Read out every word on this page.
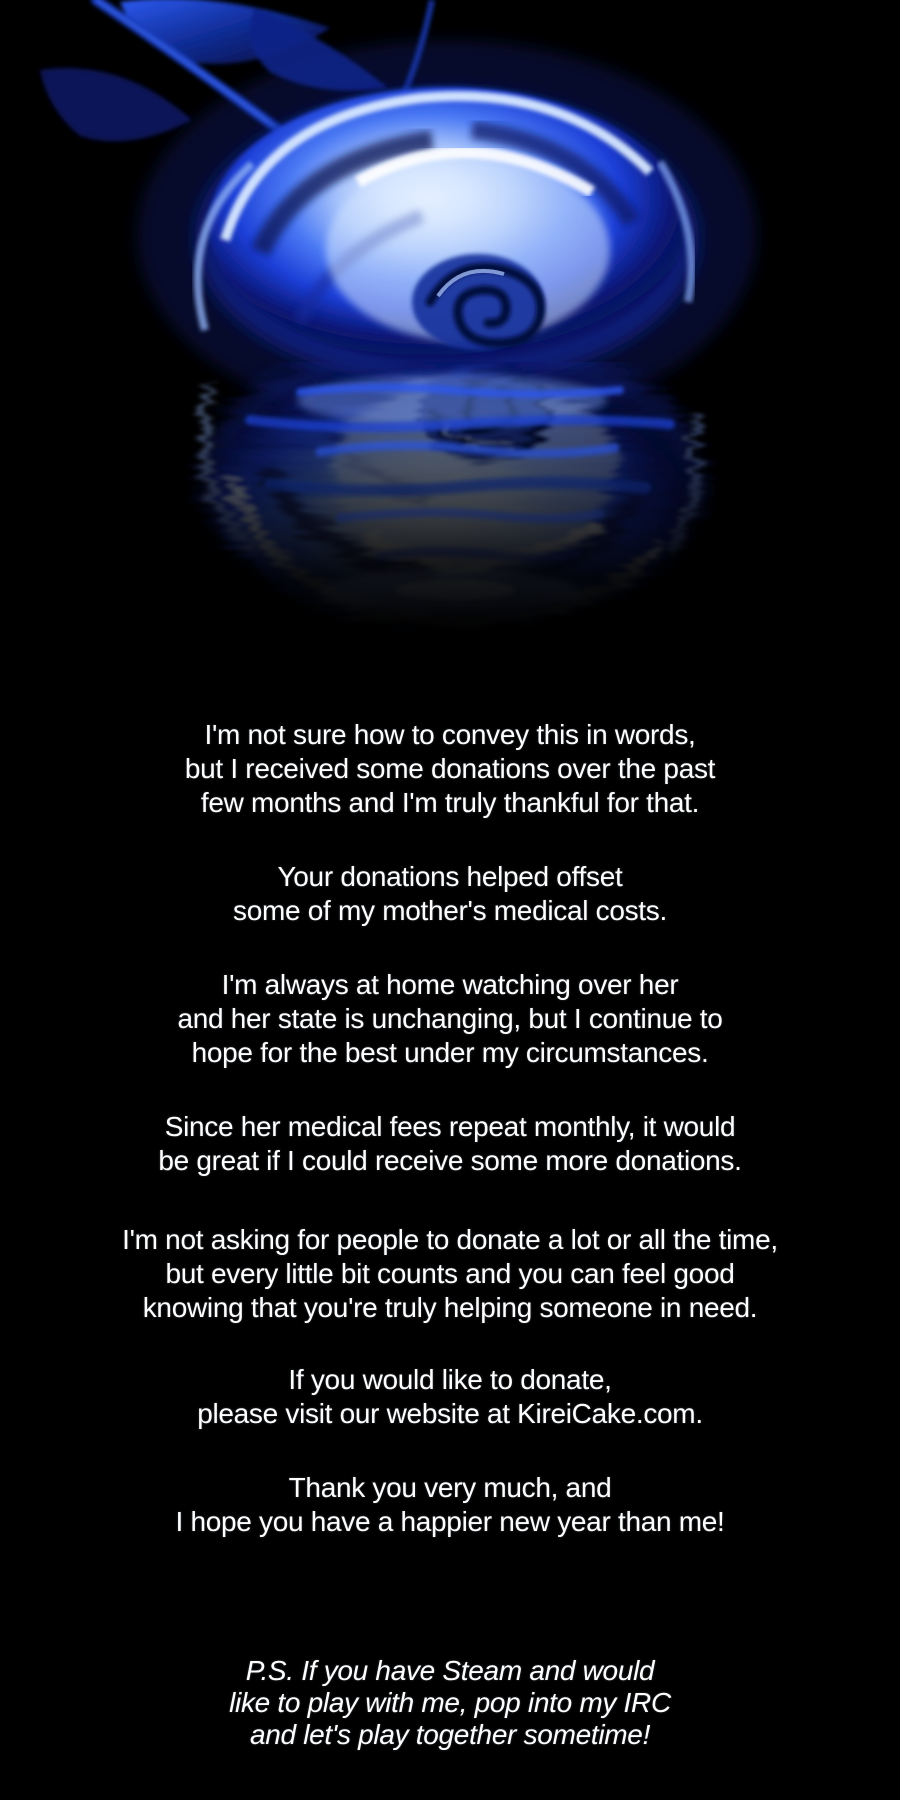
I'm not sure how to convey this in words,
but I received some donations over the past
few months and I'm truly thankful for that.

Your donations helped offset
some of my mother's medical costs.

I'm always at home watching over her
and her state is unchanging, but I continue to
hope for the best under my circumstances.

Since her medical fees repeat monthly, it would
be great if I could receive some more donations.

I'm not asking for people to donate a lot or all the time,
but every little bit counts and you can feel good
knowing that you're truly helping someone in need.

If you would like to donate,
please visit our website at KireiCake.com.

Thank you very much, and
I hope you have a happier new year than me!

P.S. If you have Steam and would
like to play with me, pop into my IRC
and let's play together sometime!
